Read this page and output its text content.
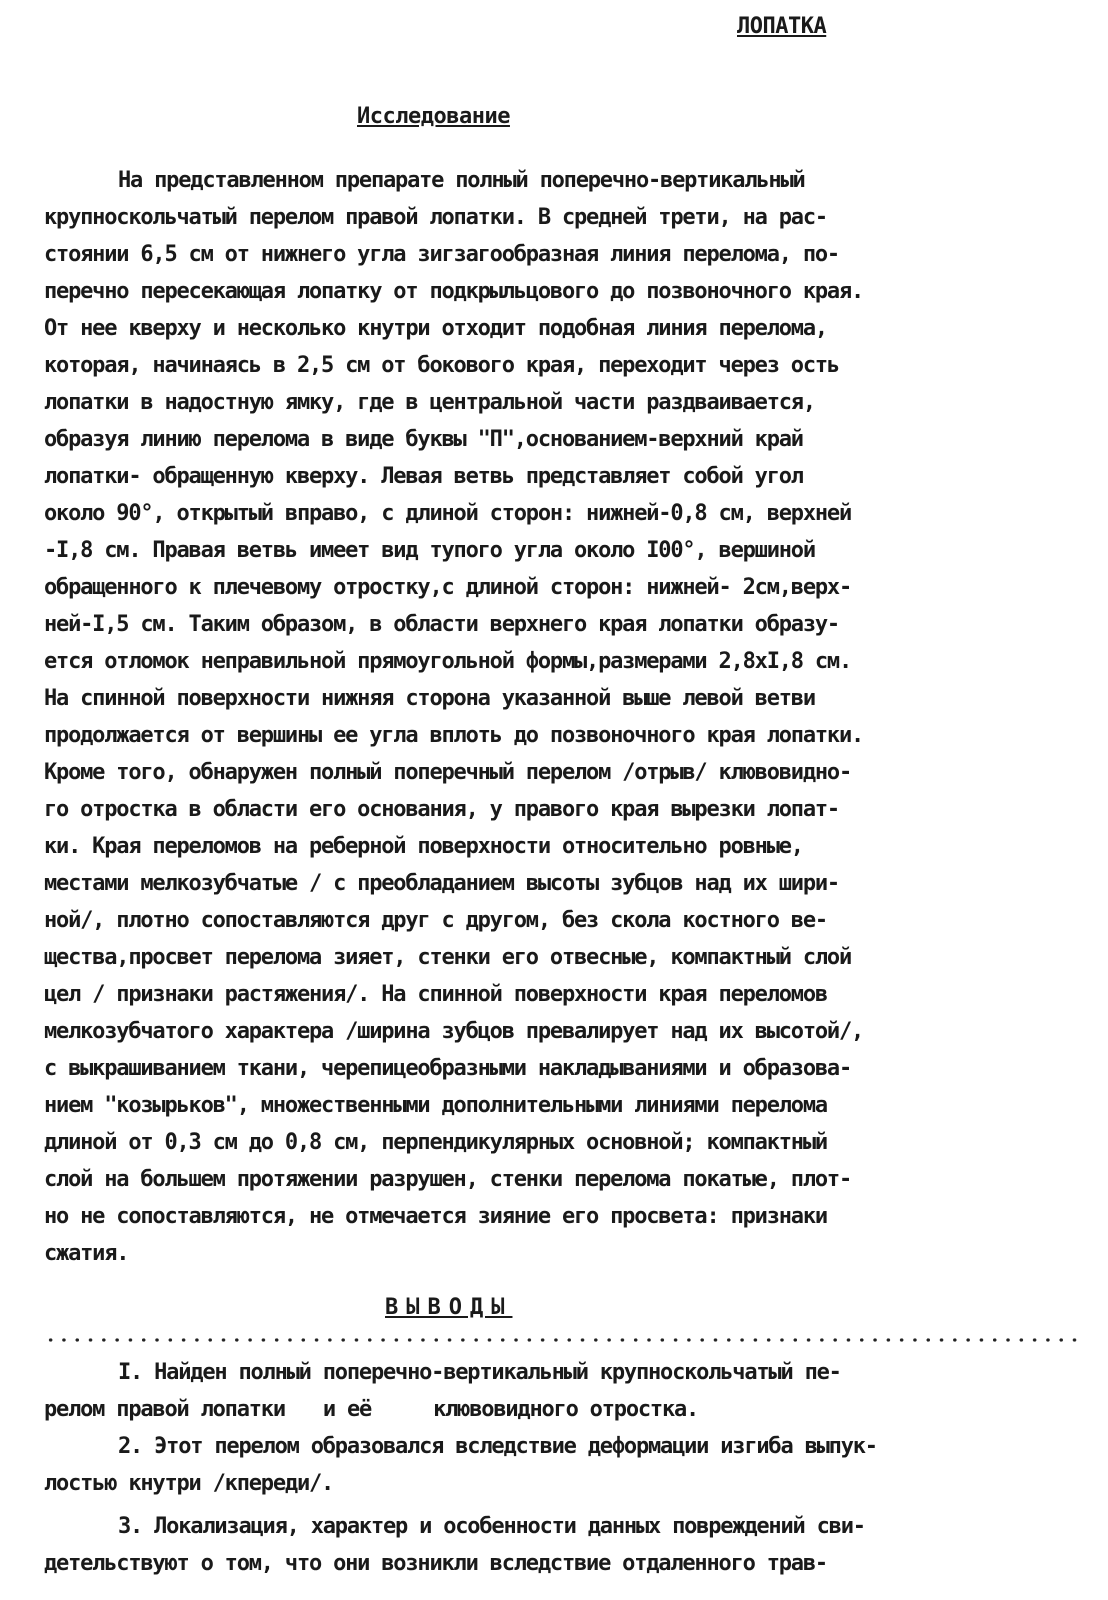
ЛОПАТКА
Исследование
На представленном препарате полный поперечно-вертикальный
крупноскольчатый перелом правой лопатки. В средней трети, на рас-
стоянии 6,5 см от нижнего угла зигзагообразная линия перелома, по-
перечно пересекающая лопатку от подкрыльцового до позвоночного края.
От нее кверху и несколько кнутри отходит подобная линия перелома,
которая, начинаясь в 2,5 см от бокового края, переходит через ость
лопатки в надостную ямку, где в центральной части раздваивается,
образуя линию перелома в виде буквы "П",основанием-верхний край
лопатки- обращенную кверху. Левая ветвь представляет собой угол
около 90°, открытый вправо, с длиной сторон: нижней-0,8 см, верхней
-I,8 см. Правая ветвь имеет вид тупого угла около I00°, вершиной
обращенного к плечевому отростку,с длиной сторон: нижней- 2см,верх-
ней-I,5 см. Таким образом, в области верхнего края лопатки образу-
ется отломок неправильной прямоугольной формы,размерами 2,8xI,8 см.
На спинной поверхности нижняя сторона указанной выше левой ветви
продолжается от вершины ее угла вплоть до позвоночного края лопатки.
Кроме того, обнаружен полный поперечный перелом /отрыв/ клювовидно-
го отростка в области его основания, у правого края вырезки лопат-
ки. Края переломов на реберной поверхности относительно ровные,
местами мелкозубчатые / с преобладанием высоты зубцов над их шири-
ной/, плотно сопоставляются друг с другом, без скола костного ве-
щества,просвет перелома зияет, стенки его отвесные, компактный слой
цел / признаки растяжения/. На спинной поверхности края переломов
мелкозубчатого характера /ширина зубцов превалирует над их высотой/,
с выкрашиванием ткани, черепицеобразными накладываниями и образова-
нием "козырьков", множественными дополнительными линиями перелома
длиной от 0,3 см до 0,8 см, перпендикулярных основной; компактный
слой на большем протяжении разрушен, стенки перелома покатые, плот-
но не сопоставляются, не отмечается зияние его просвета: признаки
сжатия.
ВЫВОДЫ
I. Найден полный поперечно-вертикальный крупноскольчатый пе-
релом правой лопатки и её	клювовидного отростка.
2. Этот перелом образовался вследствие деформации изгиба выпук-
лостью кнутри /кпереди/.
3. Локализация, характер и особенности данных повреждений сви-
детельствуют о том, что они возникли вследствие отдаленного трав-
